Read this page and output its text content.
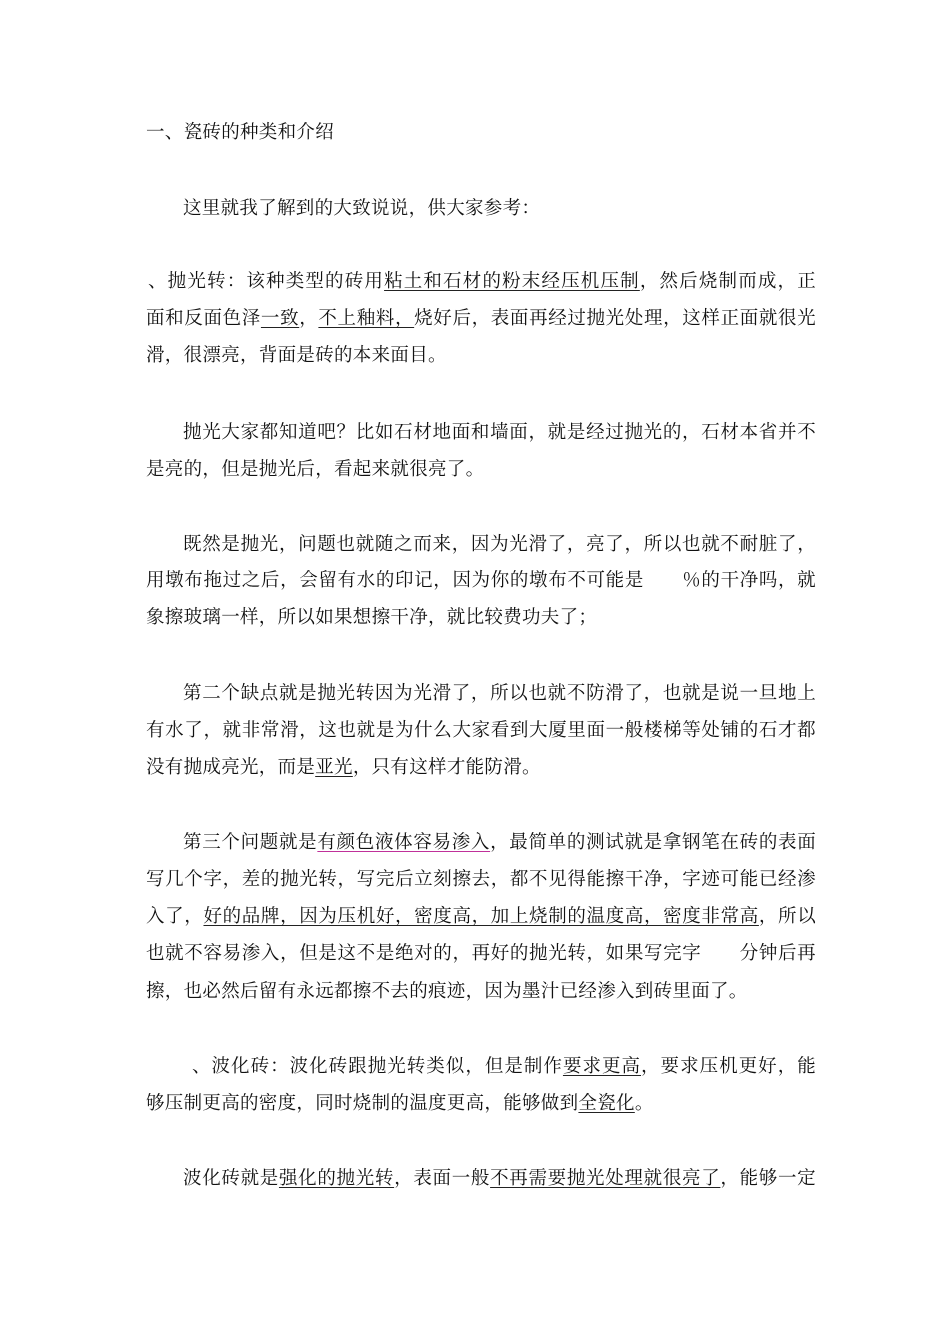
一、瓷砖的种类和介绍
这里就我了解到的大致说说，供大家参考：
、抛光转：该种类型的砖用粘土和石材的粉末经压机压制，然后烧制而成，正
面和反面色泽一致，不上釉料，烧好后，表面再经过抛光处理，这样正面就很光
滑，很漂亮，背面是砖的本来面目。
抛光大家都知道吧？比如石材地面和墙面，就是经过抛光的，石材本省并不
是亮的，但是抛光后，看起来就很亮了。
既然是抛光，问题也就随之而来，因为光滑了，亮了，所以也就不耐脏了，
用墩布拖过之后，会留有水的印记，因为你的墩布不可能是　　％的干净吗，就
象擦玻璃一样，所以如果想擦干净，就比较费功夫了；
第二个缺点就是抛光转因为光滑了，所以也就不防滑了，也就是说一旦地上
有水了，就非常滑，这也就是为什么大家看到大厦里面一般楼梯等处铺的石才都
没有抛成亮光，而是亚光，只有这样才能防滑。
第三个问题就是有颜色液体容易渗入，最简单的测试就是拿钢笔在砖的表面
写几个字，差的抛光转，写完后立刻擦去，都不见得能擦干净，字迹可能已经渗
入了，好的品牌，因为压机好，密度高，加上烧制的温度高，密度非常高，所以
也就不容易渗入，但是这不是绝对的，再好的抛光转，如果写完字　　分钟后再
擦，也必然后留有永远都擦不去的痕迹，因为墨汁已经渗入到砖里面了。
、波化砖：波化砖跟抛光转类似，但是制作要求更高，要求压机更好，能
够压制更高的密度，同时烧制的温度更高，能够做到全瓷化。
波化砖就是强化的抛光转，表面一般不再需要抛光处理就很亮了，能够一定
